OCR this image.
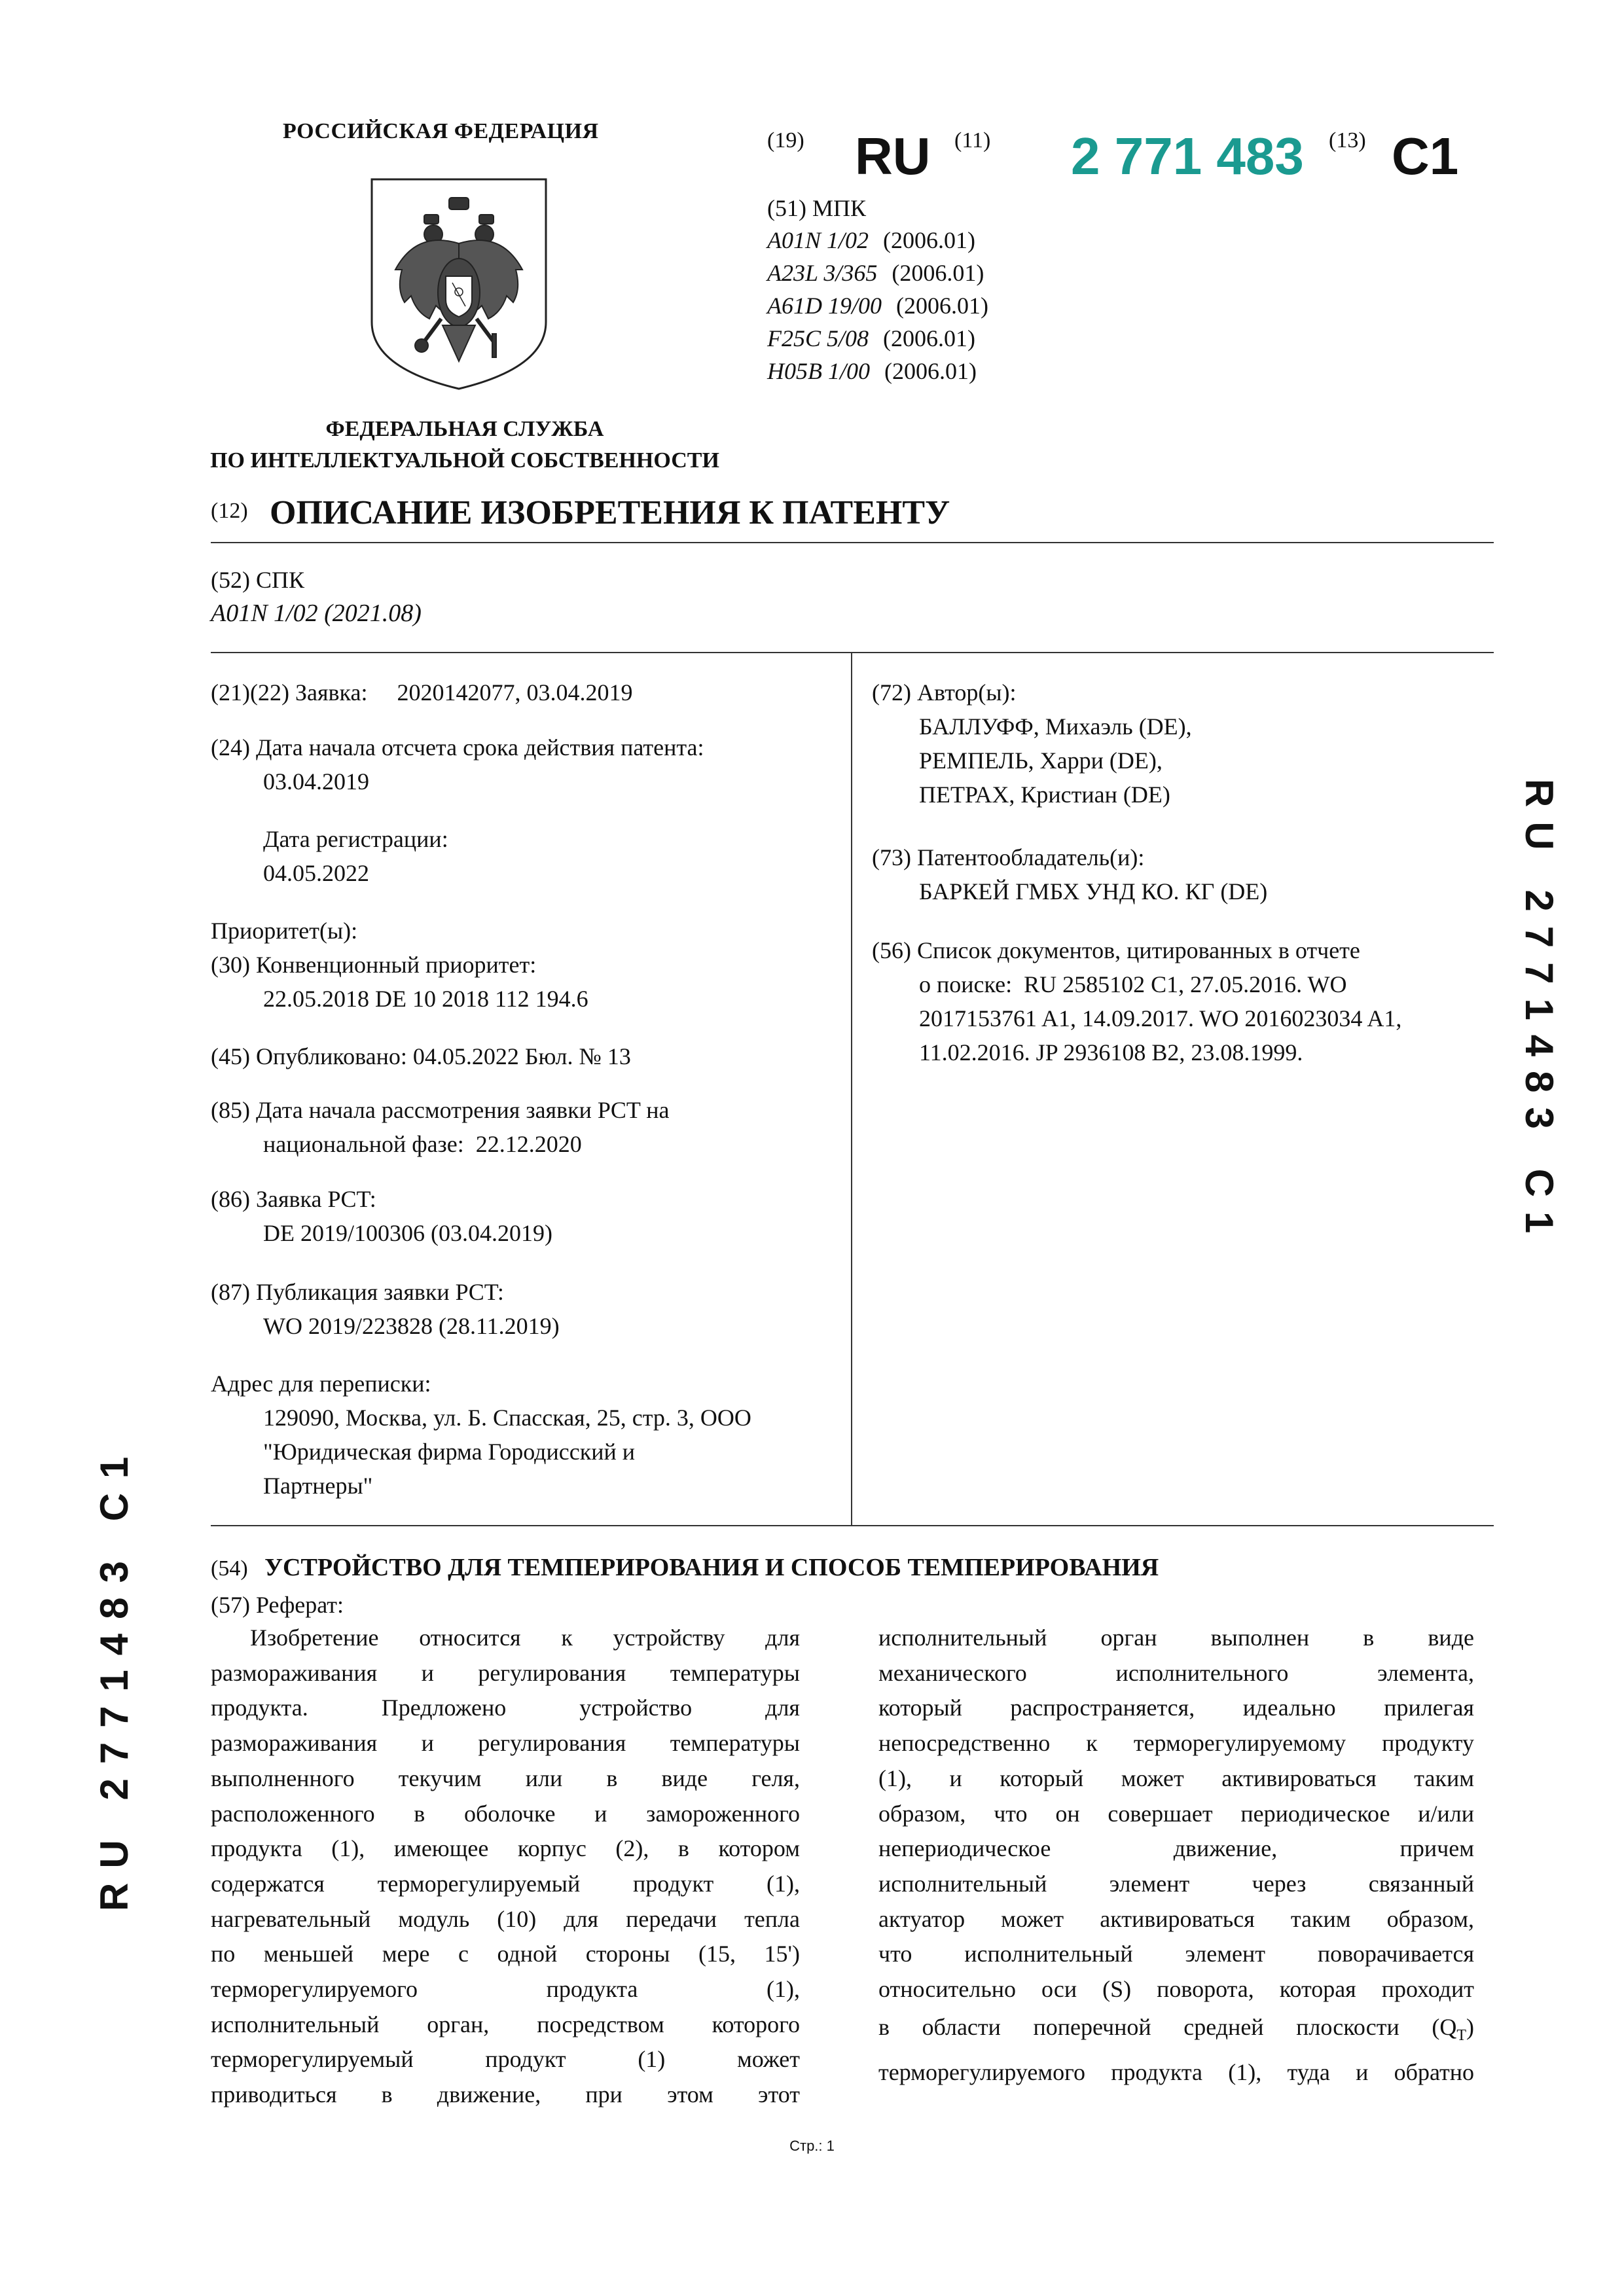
РОССИЙСКАЯ ФЕДЕРАЦИЯ
ФЕДЕРАЛЬНАЯ СЛУЖБА
ПО ИНТЕЛЛЕКТУАЛЬНОЙ СОБСТВЕННОСТИ
(19) RU (11) 2 771 483 (13) C1
(51) МПК
A01N 1/02 (2006.01)
A23L 3/365 (2006.01)
A61D 19/00 (2006.01)
F25C 5/08 (2006.01)
H05B 1/00 (2006.01)
(12) ОПИСАНИЕ ИЗОБРЕТЕНИЯ К ПАТЕНТУ
(52) СПК
A01N 1/02 (2021.08)
(21)(22) Заявка: 2020142077, 03.04.2019
(24) Дата начала отсчета срока действия патента:
03.04.2019
Дата регистрации:
04.05.2022
Приоритет(ы):
(30) Конвенционный приоритет:
22.05.2018 DE 10 2018 112 194.6
(45) Опубликовано: 04.05.2022 Бюл. № 13
(85) Дата начала рассмотрения заявки PCT на
национальной фазе: 22.12.2020
(86) Заявка PCT:
DE 2019/100306 (03.04.2019)
(87) Публикация заявки PCT:
WO 2019/223828 (28.11.2019)
Адрес для переписки:
129090, Москва, ул. Б. Спасская, 25, стр. 3, ООО
"Юридическая фирма Городисский и
Партнеры"
(72) Автор(ы):
БАЛЛУФФ, Михаэль (DE),
РЕМПЕЛЬ, Харри (DE),
ПЕТРАХ, Кристиан (DE)
(73) Патентообладатель(и):
БАРКЕЙ ГМБХ УНД КО. КГ (DE)
(56) Список документов, цитированных в отчете
о поиске: RU 2585102 C1, 27.05.2016. WO
2017153761 A1, 14.09.2017. WO 2016023034 A1,
11.02.2016. JP 2936108 B2, 23.08.1999.
(54) УСТРОЙСТВО ДЛЯ ТЕМПЕРИРОВАНИЯ И СПОСОБ ТЕМПЕРИРОВАНИЯ
(57) Реферат:
Изобретение относится к устройству для
размораживания и регулирования температуры
продукта. Предложено устройство для
размораживания и регулирования температуры
выполненного текучим или в виде геля,
расположенного в оболочке и замороженного
продукта (1), имеющее корпус (2), в котором
содержатся терморегулируемый продукт (1),
нагревательный модуль (10) для передачи тепла
по меньшей мере с одной стороны (15, 15')
терморегулируемого продукта (1),
исполнительный орган, посредством которого
терморегулируемый продукт (1) может
приводиться в движение, при этом этот
исполнительный орган выполнен в виде
механического исполнительного элемента,
который распространяется, идеально прилегая
непосредственно к терморегулируемому продукту
(1), и который может активироваться таким
образом, что он совершает периодическое и/или
непериодическое движение, причем
исполнительный элемент через связанный
актуатор может активироваться таким образом,
что исполнительный элемент поворачивается
относительно оси (S) поворота, которая проходит
в области поперечной средней плоскости $(Q_T)$
терморегулируемого продукта (1), туда и обратно
Стр.: 1
RU 2771483 C1
RU 2771483 C1
